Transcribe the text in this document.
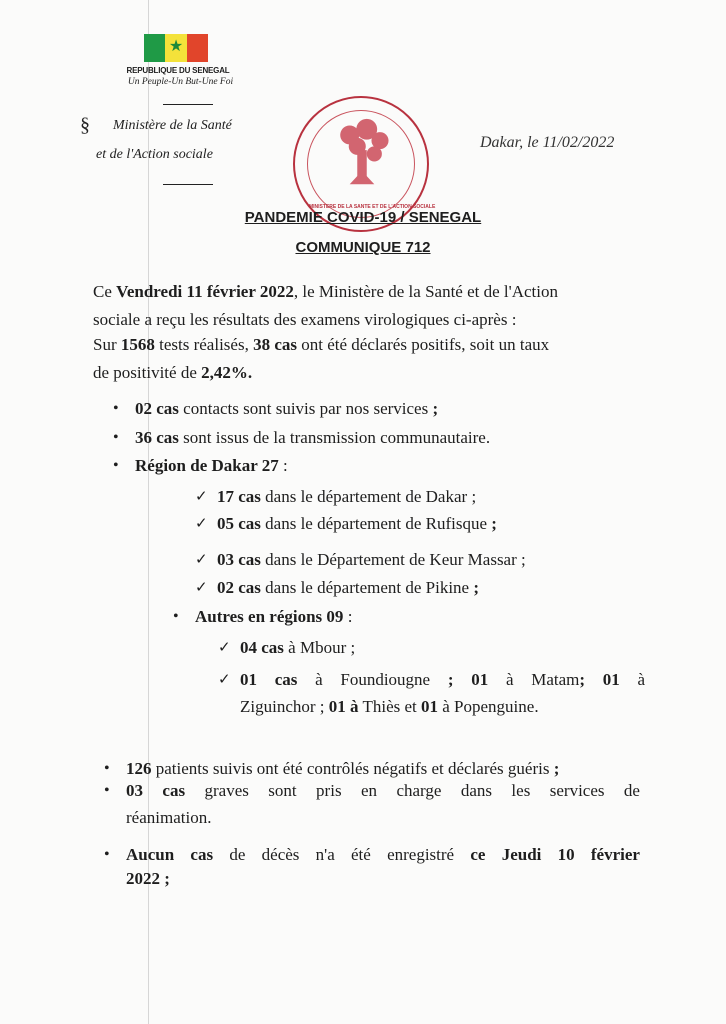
★
REPUBLIQUE DU SENEGAL
Un Peuple-Un But-Une Foi
§ Ministère de la Santé
et de l'Action sociale
MINISTERE DE LA SANTE ET DE L'ACTION SOCIALE
Dakar, le 11/02/2022
PANDEMIE COVID-19 / SENEGAL
COMMUNIQUE 712
Ce Vendredi 11 février 2022, le Ministère de la Santé et de l'Action
sociale a reçu les résultats des examens virologiques ci-après :
Sur 1568 tests réalisés, 38 cas ont été déclarés positifs, soit un taux
de positivité de 2,42%.
• 02 cas contacts sont suivis par nos services ;
• 36 cas sont issus de la transmission communautaire.
• Région de Dakar 27 :
✓ 17 cas dans le département de Dakar ;
✓ 05 cas dans le département de Rufisque ;
✓ 03 cas dans le Département de Keur Massar ;
✓ 02 cas dans le département de Pikine ;
• Autres en régions 09 :
✓ 04 cas à Mbour ;
✓ 01 cas à Foundiougne ; 01 à Matam; 01 à
Ziguinchor ; 01 à Thiès et 01 à Popenguine.
• 126 patients suivis ont été contrôlés négatifs et déclarés guéris ;
• 03 cas graves sont pris en charge dans les services de
réanimation.
• Aucun cas de décès n'a été enregistré ce Jeudi 10 février
2022 ;
